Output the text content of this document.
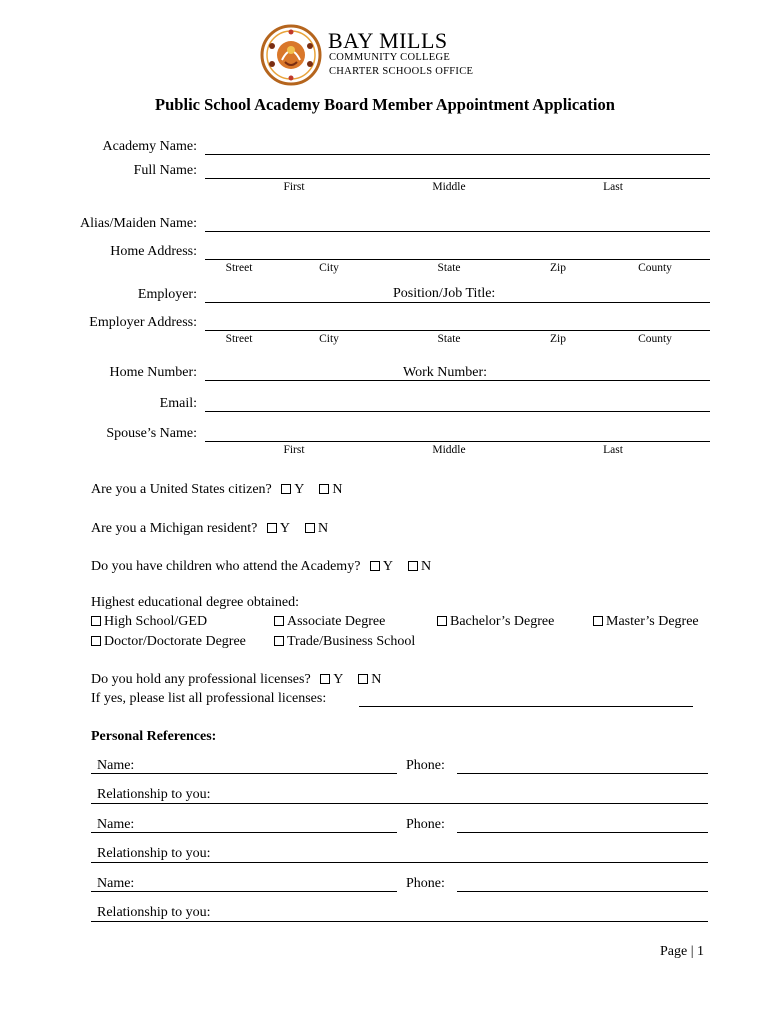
BAY MILLS
COMMUNITY COLLEGE
CHARTER SCHOOLS OFFICE
Public School Academy Board Member Appointment Application
Academy Name:
Full Name:
First	Middle	Last
Alias/Maiden Name:
Home Address:
Street	City	State	Zip	County
Employer:	Position/Job Title:
Employer Address:
Street	City	State	Zip	County
Home Number:	Work Number:
Email:
Spouse’s Name:
First	Middle	Last
Are you a United States citizen? Y N
Are you a Michigan resident? Y N
Do you have children who attend the Academy? Y N
Highest educational degree obtained:
High School/GED	Associate Degree	Bachelor’s Degree	Master’s Degree
Doctor/Doctorate Degree	Trade/Business School
Do you hold any professional licenses? Y N
If yes, please list all professional licenses:
Personal References:
Name:	Phone:
Relationship to you:
Name:	Phone:
Relationship to you:
Name:	Phone:
Relationship to you:
Page | 1
